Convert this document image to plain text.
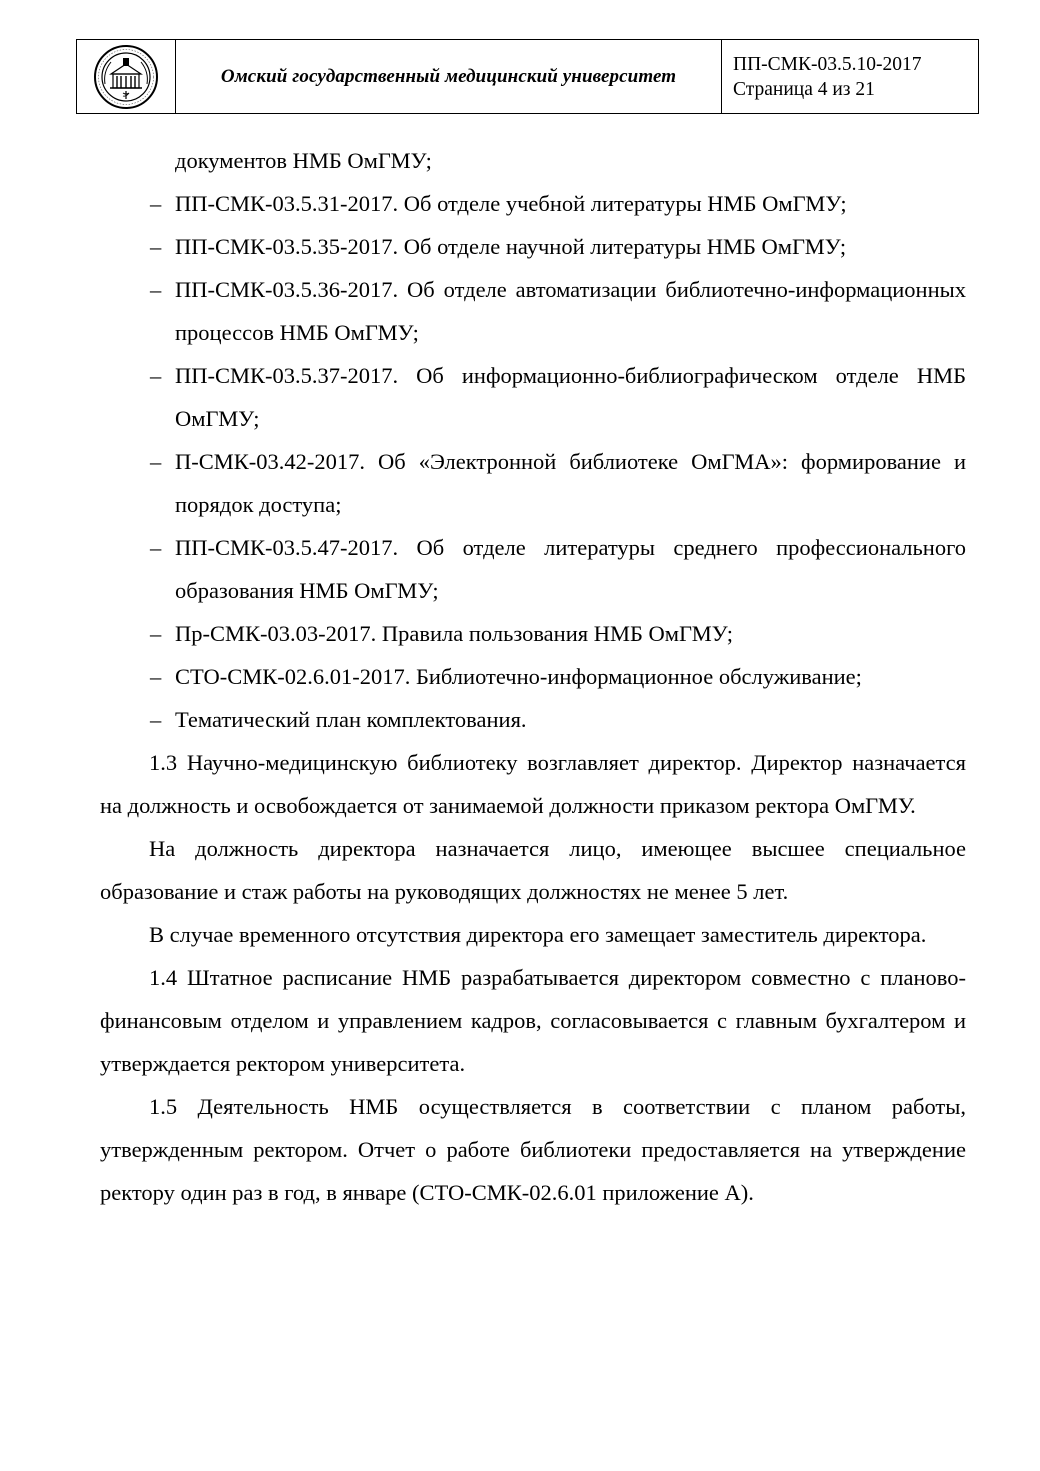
Омский государственный медицинский университет
ПП-СМК-03.5.10-2017
Страница 4 из 21
документов НМБ ОмГМУ;
– ПП-СМК-03.5.31-2017. Об отделе учебной литературы НМБ ОмГМУ;
– ПП-СМК-03.5.35-2017. Об отделе научной литературы НМБ ОмГМУ;
– ПП-СМК-03.5.36-2017. Об отделе автоматизации библиотечно-информационных процессов НМБ ОмГМУ;
– ПП-СМК-03.5.37-2017. Об информационно-библиографическом отделе НМБ ОмГМУ;
– П-СМК-03.42-2017. Об «Электронной библиотеке ОмГМА»: формирование и порядок доступа;
– ПП-СМК-03.5.47-2017. Об отделе литературы среднего профессионального образования НМБ ОмГМУ;
– Пр-СМК-03.03-2017. Правила пользования НМБ ОмГМУ;
– СТО-СМК-02.6.01-2017. Библиотечно-информационное обслуживание;
– Тематический план комплектования.

1.3 Научно-медицинскую библиотеку возглавляет директор. Директор назначается на должность и освобождается от занимаемой должности приказом ректора ОмГМУ.

На должность директора назначается лицо, имеющее высшее специальное образование и стаж работы на руководящих должностях не менее 5 лет.

В случае временного отсутствия директора его замещает заместитель директора.

1.4 Штатное расписание НМБ разрабатывается директором совместно с планово-финансовым отделом и управлением кадров, согласовывается с главным бухгалтером и утверждается ректором университета.

1.5 Деятельность НМБ осуществляется в соответствии с планом работы, утвержденным ректором. Отчет о работе библиотеки предоставляется на утверждение ректору один раз в год, в январе (СТО-СМК-02.6.01 приложение А).
